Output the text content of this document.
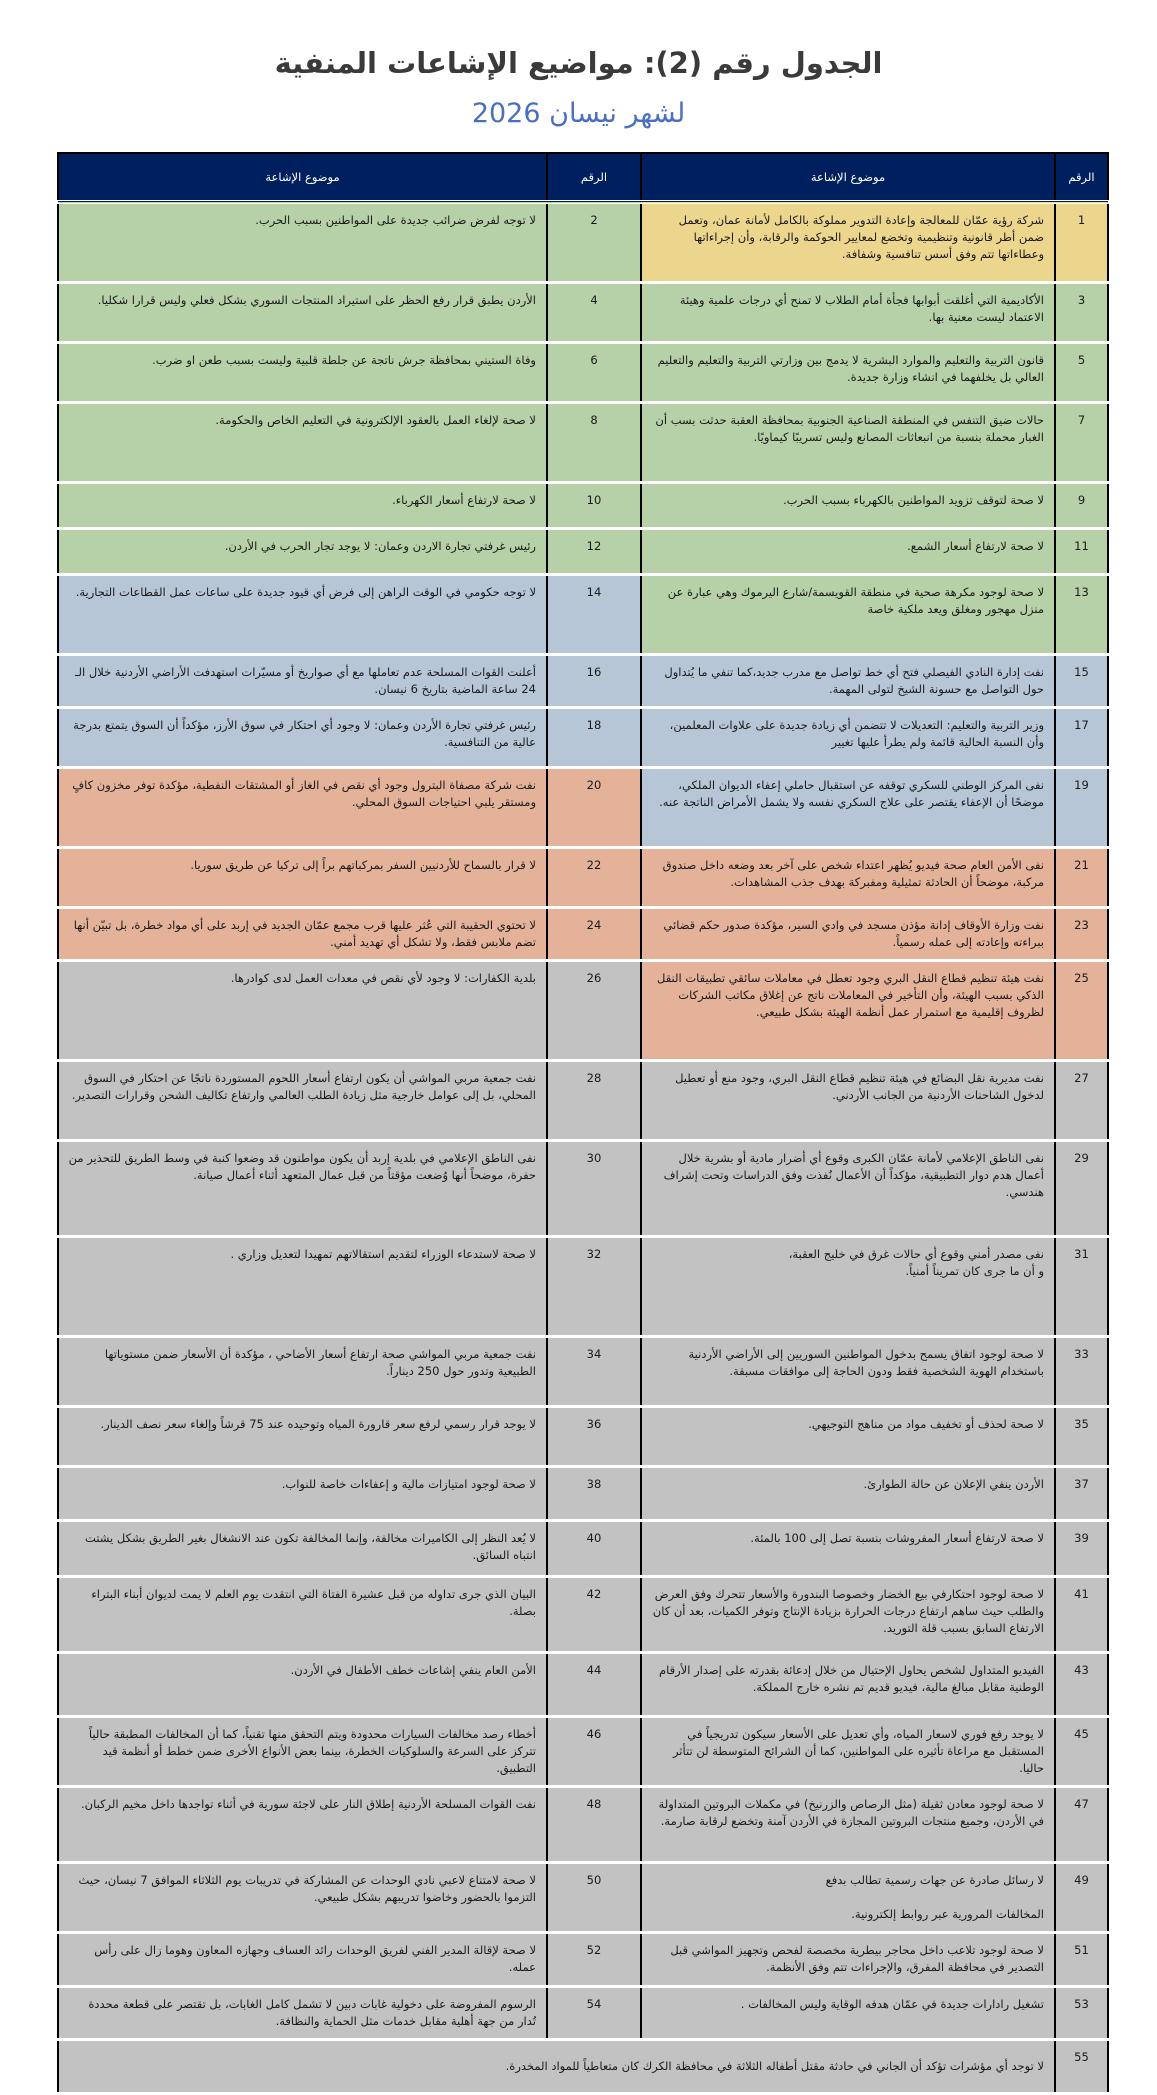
الجدول رقم (2): مواضيع الإشاعات المنفية
لشهر نيسان 2026
الرقم	موضوع الإشاعة	الرقم	موضوع الإشاعة
1	شركة رؤية عمّان للمعالجة وإعادة التدوير مملوكة بالكامل لأمانة عمان، وتعمل ضمن أطر قانونية وتنظيمية وتخضع لمعايير الحوكمة والرقابة، وأن إجراءاتها وعطاءاتها تتم وفق أسس تنافسية وشفافة.	2	لا توجه لفرض ضرائب جديدة على المواطنين بسبب الحرب.
3	الأكاديمية التي أغلقت أبوابها فجأة أمام الطلاب لا تمنح أي درجات علمية وهيئة الاعتماد ليست معنية بها.	4	الأردن يطبق قرار رفع الحظر على استيراد المنتجات السوري بشكل فعلي وليس قرارا شكليا.
5	قانون التربية والتعليم والموارد البشرية لا يدمج بين وزارتي التربية والتعليم والتعليم العالي بل يخلفهما في انشاء وزارة جديدة.	6	وفاة الستيني بمحافظة جرش ناتجة عن جلطة قلبية وليست بسبب طعن او ضرب.
7	حالات ضيق التنفس في المنطقة الصناعية الجنوبية بمحافظة العقبة حدثت بسب أن الغبار محملة بنسبة من انبعاثات المصانع وليس تسريبًا كيماويًا.	8	لا صحة لإلغاء العمل بالعقود الإلكترونية في التعليم الخاص والحكومة.
9	لا صحة لتوقف تزويد المواطنين بالكهرباء بسبب الحرب.	10	لا صحة لارتفاع أسعار الكهرباء.
11	لا صحة لارتفاع أسعار الشمع.	12	رئيس غرفتي تجارة الاردن وعمان: لا يوجد تجار الحرب في الأردن.
13	لا صحة لوجود مكرهة صحية في منطقة القويسمة/شارع اليرموك وهي عبارة عن منزل مهجور ومغلق ويعد ملكية خاصة	14	لا توجه حكومي في الوقت الراهن إلى فرض أي قيود جديدة على ساعات عمل القطاعات التجارية.
15	نفت إدارة النادي الفيصلي فتح أي خط تواصل مع مدرب جديد،كما تنفي ما يُتداول حول التواصل مع حسونة الشيخ لتولى المهمة.	16	أعلنت القوات المسلحة عدم تعاملها مع أي صواريخ أو مسيّرات استهدفت الأراضي الأردنية خلال الـ 24 ساعة الماضية بتاريخ 6 نيسان.
17	وزير التربية والتعليم: التعديلات لا تتضمن أي زيادة جديدة على علاوات المعلمين، وأن النسبة الحالية قائمة ولم يطرأ عليها تغيير	18	رئيس غرفتي تجارة الأردن وعمان: لا وجود أي احتكار في سوق الأرز، مؤكداً أن السوق يتمتع بدرجة عالية من التنافسية.
19	نفى المركز الوطني للسكري توقفه عن استقبال حاملي إعفاء الديوان الملكي، موضحًا أن الإعفاء يقتصر على علاج السكري نفسه ولا يشمل الأمراض الناتجة عنه.	20	نفت شركة مصفاة البترول وجود أي نقص في الغاز أو المشتقات النفطية، مؤكدة توفر مخزون كافٍ ومستقر يلبي احتياجات السوق المحلي.
21	نفى الأمن العام صحة فيديو يُظهر اعتداء شخص على آخر بعد وضعه داخل صندوق مركبة، موضحاً أن الحادثة تمثيلية ومفبركة بهدف جذب المشاهدات.	22	لا قرار بالسماح للأردنيين السفر بمركباتهم براً إلى تركيا عن طريق سوريا.
23	نفت وزارة الأوقاف إدانة مؤذن مسجد في وادي السير، مؤكدة صدور حكم قضائي ببراءته وإعادته إلى عمله رسمياً.	24	لا تحتوي الحقيبة التي عُثر عليها قرب مجمع عمّان الجديد في إربد على أي مواد خطرة، بل تبيّن أنها تضم ملابس فقط، ولا تشكل أي تهديد أمني.
25	نفت هيئة تنظيم قطاع النقل البري وجود تعطل في معاملات سائقي تطبيقات النقل الذكي بسبب الهيئة، وأن التأخير في المعاملات ناتج عن إغلاق مكاتب الشركات لظروف إقليمية مع استمرار عمل أنظمة الهيئة بشكل طبيعي.	26	بلدية الكفارات: لا وجود لأي نقص في معدات العمل لدى كوادرها.
27	نفت مديرية نقل البضائع في هيئة تنظيم قطاع النقل البري، وجود منع أو تعطيل لدخول الشاحنات الأردنية من الجانب الأردني.	28	نفت جمعية مربي المواشي أن يكون ارتفاع أسعار اللحوم المستوردة ناتجًا عن احتكار في السوق المحلي، بل إلى عوامل خارجية مثل زيادة الطلب العالمي وارتفاع تكاليف الشحن وقرارات التصدير.
29	نفى الناطق الإعلامي لأمانة عمّان الكبرى وقوع أي أضرار مادية أو بشرية خلال أعمال هدم دوار التطبيقية، مؤكداً أن الأعمال نُفذت وفق الدراسات وتحت إشراف هندسي.	30	نفى الناطق الإعلامي في بلدية إربد أن يكون مواطنون قد وضعوا كنبة في وسط الطريق للتحذير من حفرة، موضحاً أنها وُضعت مؤقتاً من قبل عمال المتعهد أثناء أعمال صيانة.
31	نفى مصدر أمني وقوع أي حالات غرق في خليج العقبة،
و أن ما جرى كان تمريناً أمنياً.	32	لا صحة لاستدعاء الوزراء لتقديم استقالاتهم تمهيدا لتعديل وزاري .
33	لا صحة لوجود اتفاق يسمح بدخول المواطنين السوريين إلى الأراضي الأردنية باستخدام الهوية الشخصية فقط ودون الحاجة إلى موافقات مسبقة.	34	نفت جمعية مربي المواشي صحة ارتفاع أسعار الأضاحي ، مؤكدة أن الأسعار ضمن مستوياتها الطبيعية وتدور حول 250 ديناراً.
35	لا صحة لحذف أو تخفيف مواد من مناهج التوجيهي.	36	لا يوجد قرار رسمي لرفع سعر قارورة المياه وتوحيده عند 75 قرشاً وإلغاء سعر نصف الدينار.
37	الأردن ينفي الإعلان عن حالة الطوارئ.	38	لا صحة لوجود امتيازات مالية و إعفاءات خاصة للنواب.
39	لا صحة لارتفاع أسعار المفروشات بنسبة تصل إلى 100 بالمئة.	40	لا يُعد النظر إلى الكاميرات مخالفة، وإنما المخالفة تكون عند الانشغال بغير الطريق بشكل يشتت انتباه السائق.
41	لا صحة لوجود احتكارفي بيع الخضار وخصوصا البندورة والأسعار تتحرك وفق العرض والطلب حيث ساهم ارتفاع درجات الحرارة بزيادة الإنتاج وتوفر الكميات، بعد أن كان الارتفاع السابق بسبب قلة التوريد.	42	البيان الذي جرى تداوله من قبل عشيرة الفتاة التي انتقدت يوم العلم لا يمت لديوان أبناء البتراء بصلة.
43	الفيديو المتداول لشخص يحاول الإحتيال من خلال إدعائة بقدرته على إصدار الأرقام الوطنية مقابل مبالغ مالية، فيديو قديم تم نشره خارج المملكة.	44	الأمن العام ينفي إشاعات خطف الأطفال في الأردن.
45	لا يوجد رفع فوري لاسعار المياه، وأي تعديل على الأسعار سيكون تدريجياً في المستقبل مع مراعاة تأثيره على المواطنين، كما أن الشرائح المتوسطة لن تتأثر حاليا.	46	أخطاء رصد مخالفات السيارات محدودة ويتم التحقق منها تقنياً، كما أن المخالفات المطبقة حالياً تتركز على السرعة والسلوكيات الخطرة، بينما بعض الأنواع الأخرى ضمن خطط أو أنظمة قيد التطبيق.
47	لا صحة لوجود معادن ثقيلة (مثل الرصاص والزرنيخ) في مكملات البروتين المتداولة في الأردن، وجميع منتجات البروتين المجازة في الأردن آمنة وتخضع لرقابة صارمة.	48	نفت القوات المسلحة الأردنية إطلاق النار على لاجئة سورية في أثناء تواجدها داخل مخيم الركبان.
49	لا رسائل صادرة عن جهات رسمية تطالب بدفع

المخالفات المرورية عبر روابط إلكترونية.	50	لا صحة لامتناع لاعبي نادي الوحدات عن المشاركة في تدريبات يوم الثلاثاء الموافق 7 نيسان، حيث التزموا بالحضور وخاضوا تدريبهم بشكل طبيعي.
51	لا صحة لوجود تلاعب داخل محاجر بيطرية مخصصة لفحص وتجهيز المواشي قبل التصدير في محافظة المفرق، والإجراءات تتم وفق الأنظمة.	52	لا صحة لإقالة المدير الفني لفريق الوحدات رائد العساف وجهازه المعاون وهوما زال على رأس عمله.
53	تشغيل رادارات جديدة في عمّان هدفه الوقاية وليس المخالفات .	54	الرسوم المفروضة على دخولية غابات دبين لا تشمل كامل الغابات، بل تقتصر على قطعة محددة تُدار من جهة أهلية مقابل خدمات مثل الحماية والنظافة.
55	لا توجد أي مؤشرات تؤكد أن الجاني في حادثة مقتل أطفاله الثلاثة في محافظة الكرك كان متعاطياً للمواد المخدرة.		
